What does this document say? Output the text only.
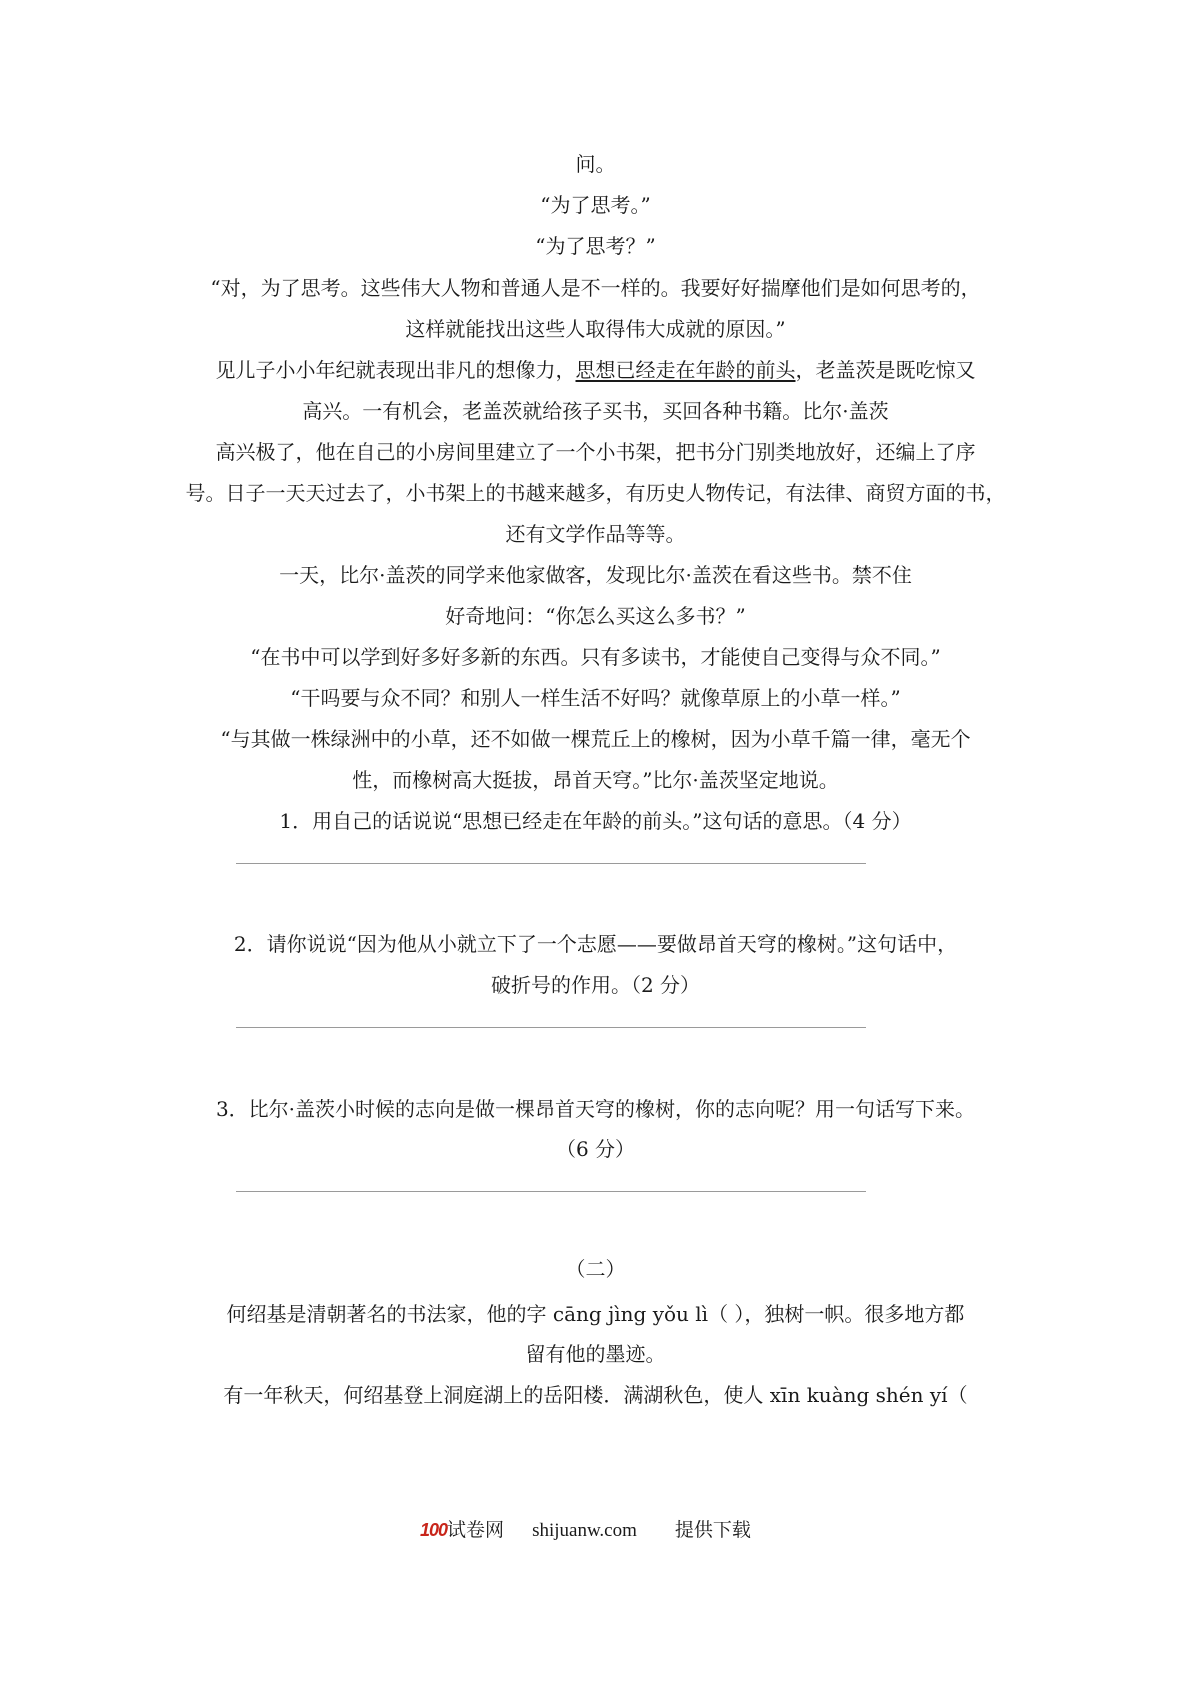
问。
“为了思考。”
“为了思考？”
“对，为了思考。这些伟大人物和普通人是不一样的。我要好好揣摩他们是如何思考的，
这样就能找出这些人取得伟大成就的原因。”
见儿子小小年纪就表现出非凡的想像力，思想已经走在年龄的前头，老盖茨是既吃惊又
高兴。一有机会，老盖茨就给孩子买书，买回各种书籍。比尔·盖茨
高兴极了，他在自己的小房间里建立了一个小书架，把书分门别类地放好，还编上了序
号。日子一天天过去了，小书架上的书越来越多，有历史人物传记，有法律、商贸方面的书，
还有文学作品等等。
一天，比尔·盖茨的同学来他家做客，发现比尔·盖茨在看这些书。禁不住
好奇地问：“你怎么买这么多书？”
“在书中可以学到好多好多新的东西。只有多读书，才能使自己变得与众不同。”
“干吗要与众不同？和别人一样生活不好吗？就像草原上的小草一样。”
“与其做一株绿洲中的小草，还不如做一棵荒丘上的橡树，因为小草千篇一律，毫无个
性，而橡树高大挺拔，昂首天穹。”比尔·盖茨坚定地说。
1．用自己的话说说“思想已经走在年龄的前头。”这句话的意思。（4 分）
2．请你说说“因为他从小就立下了一个志愿——要做昂首天穹的橡树。”这句话中，
破折号的作用。（2 分）
3．比尔·盖茨小时候的志向是做一棵昂首天穹的橡树，你的志向呢？用一句话写下来。
（6 分）
（二）
何绍基是清朝著名的书法家，他的字 cāng jìng yǒu lì（ ），独树一帜。很多地方都
留有他的墨迹。
有一年秋天，何绍基登上洞庭湖上的岳阳楼．满湖秋色，使人 xīn kuàng shén yí（
100试卷网 shijuanw.com 提供下载
